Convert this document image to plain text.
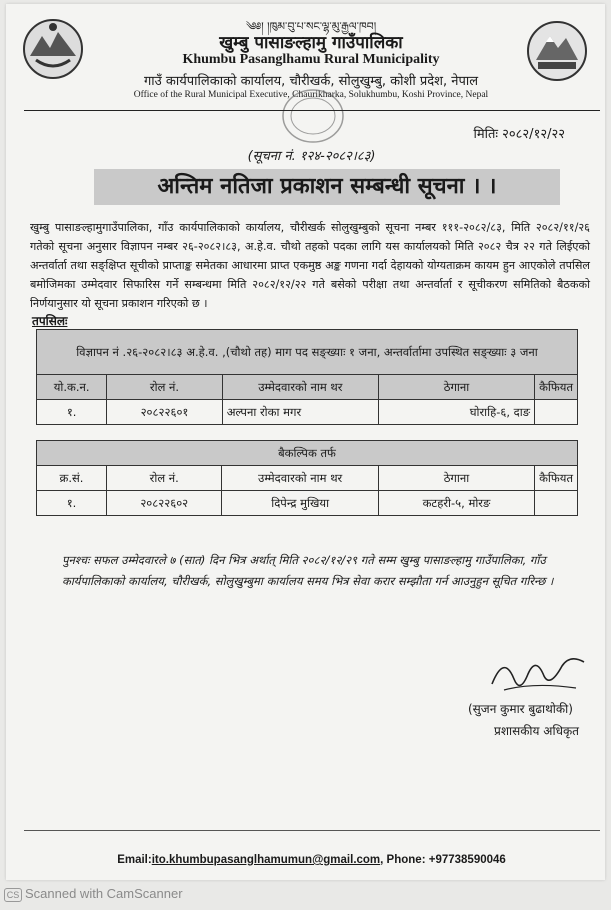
༄༅། །ཁུམ་བུ་པ་སང་ལྷ་མུ་རྒྱལ་ཁབ།
खुम्बु पासाङल्हामु गाउँपालिका
Khumbu Pasanglhamu Rural Municipality
गाउँ कार्यपालिकाको कार्यालय, चौरीखर्क, सोलुखुम्बु, कोशी प्रदेश, नेपाल
Office of the Rural Municipal Executive, Chaurikharka, Solukhumbu, Koshi Province, Nepal
मितिः २०८२/१२/२२
(सूचना नं. १२४-२०८२।८३)
अन्तिम नतिजा प्रकाशन सम्बन्धी सूचना । ।
खुम्बु पासाङल्हामुगाउँपालिका, गाँउ कार्यपालिकाको कार्यालय, चौरीखर्क सोलुखुम्बुको सूचना नम्बर १११-२०८२/८३, मिति २०८२/११/२६ गतेको सूचना अनुसार विज्ञापन नम्बर २६-२०८२।८३, अ.हे.व. चौथो तहको पदका लागि यस कार्यालयको मिति २०८२ चैत्र २२ गते लिईएको अन्तर्वार्ता तथा सङ्क्षिप्त सूचीको प्राप्ताङ्क समेतका आधारमा प्राप्त एकमुष्ठ अङ्क गणना गर्दा देहायको योग्यताक्रम कायम हुन आएकोले तपसिल बमोजिमका उम्मेदवार सिफारिस गर्ने सम्बन्धमा मिति २०८२/१२/२२ गते बसेको परीक्षा तथा अन्तर्वार्ता र सूचीकरण समितिको बैठकको निर्णयानुसार यो सूचना प्रकाशन गरिएको छ ।
तपसिलः
विज्ञापन नं .२६-२०८२।८३ अ.हे.व. ,(चौथो तह) माग पद सङ्ख्याः १ जना, अन्तर्वार्तामा उपस्थित सङ्ख्याः ३ जना				
यो.क.न.	रोल नं.	उम्मेदवारको नाम थर	ठेगाना	कैफियत
१.	२०८२२६०१	अल्पना रोका मगर	घोराहि-६, दाङ	
बैकल्पिक तर्फ				
क्र.सं.	रोल नं.	उम्मेदवारको नाम थर	ठेगाना	कैफियत
१.	२०८२२६०२	दिपेन्द्र मुखिया	कटहरी-५, मोरङ	
पुनश्चः सफल उम्मेदवारले ७ (सात) दिन भित्र अर्थात् मिति २०८२/१२/२९ गते सम्म खुम्बु पासाङल्हामु गाउँपालिका, गाँउ कार्यपालिकाको कार्यालय, चौरीखर्क, सोलुखुम्बुमा कार्यालय समय भित्र सेवा करार सम्झौता गर्न आउनुहुन सूचित गरिन्छ ।
(सुजन कुमार बुढाथोकी)
प्रशासकीय अधिकृत
Email:ito.khumbupasanglhamumun@gmail.com, Phone: +97738590046
CS Scanned with CamScanner
